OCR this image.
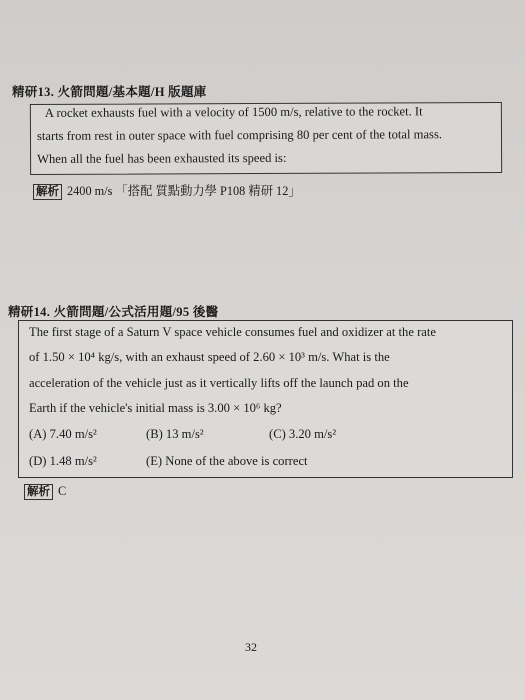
精研13. 火箭問題/基本題/H 版題庫
A rocket exhausts fuel with a velocity of 1500 m/s, relative to the rocket. It
starts from rest in outer space with fuel comprising 80 per cent of the total mass.
When all the fuel has been exhausted its speed is:
解析 2400 m/s 「搭配 質點動力學 P108 精研 12」
精研14. 火箭問題/公式活用題/95 後醫
The first stage of a Saturn V space vehicle consumes fuel and oxidizer at the rate
of 1.50 × 10⁴ kg/s, with an exhaust speed of 2.60 × 10³ m/s. What is the
acceleration of the vehicle just as it vertically lifts off the launch pad on the
Earth if the vehicle's initial mass is 3.00 × 10⁶ kg?
(A) 7.40 m/s²	(B) 13 m/s²	(C) 3.20 m/s²
(D) 1.48 m/s²	(E) None of the above is correct
解析 C
32
